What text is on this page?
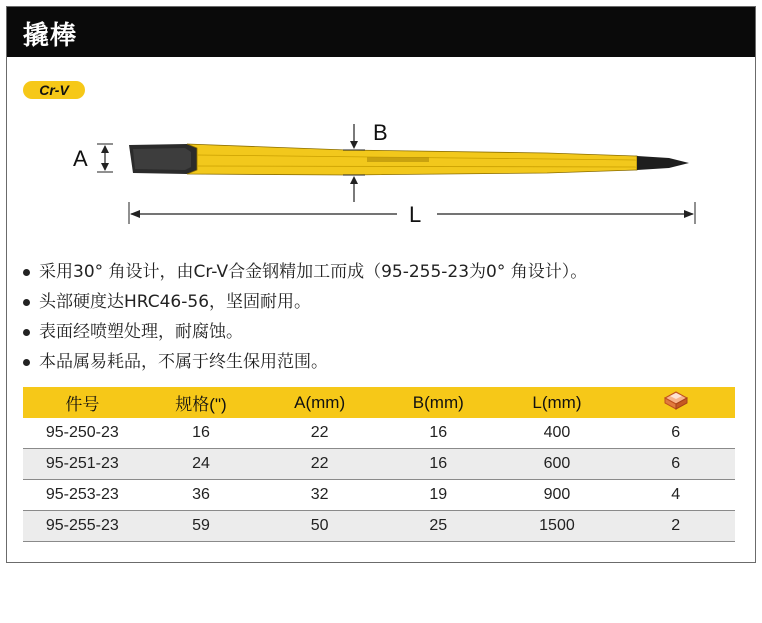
撬棒
Cr-V
A
B
L
采用30° 角设计，由Cr-V合金钢精加工而成（95-255-23为0° 角设计）。
头部硬度达HRC46-56，坚固耐用。
表面经喷塑处理，耐腐蚀。
本品属易耗品，不属于终生保用范围。
件号	规格(")	A(mm)	B(mm)	L(mm)	
95-250-23	16	22	16	400	6
95-251-23	24	22	16	600	6
95-253-23	36	32	19	900	4
95-255-23	59	50	25	1500	2
